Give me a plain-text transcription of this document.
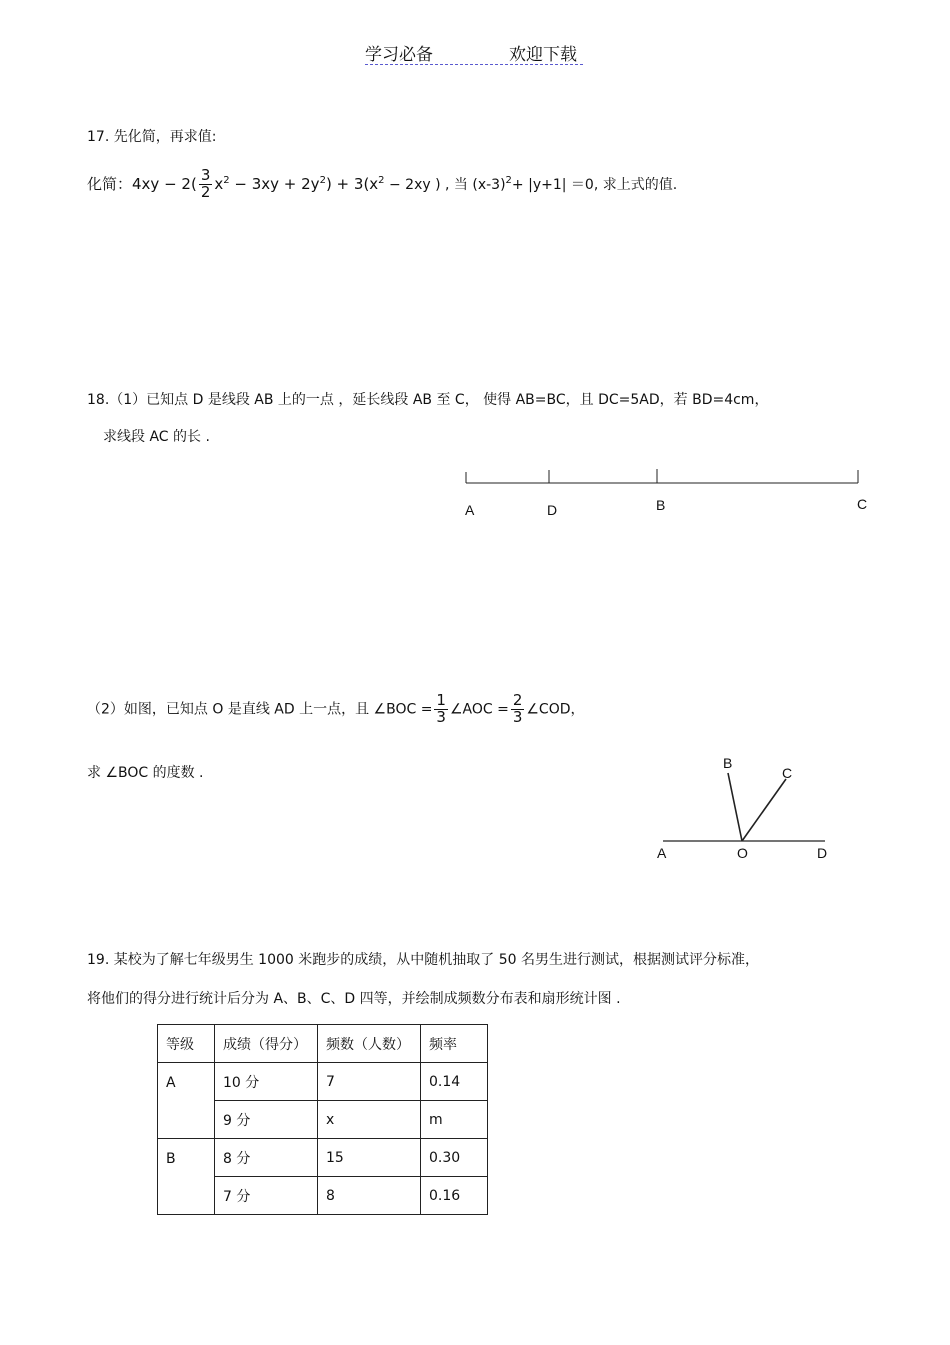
学习必备	欢迎下载
17. 先化简，再求值:
化简：$4xy - 2( \frac{3}{2} x^2 - 3xy + 2y^2) + 3(x^2 - 2xy$ ) , 当 $(x-3)^2+ |y+1| =0$, 求上式的值.
18.（1）已知点 D 是线段 AB 上的一点 ，延长线段 AB 至 C， 使得 AB=BC，且 DC=5AD，若 BD=4cm，
求线段 AC 的长 .
A	D	B	C
（2）如图，已知点 O 是直线 AD 上一点，且 ∠BOC = $\frac{1}{3}$ ∠AOC = $\frac{2}{3}$ ∠COD，
求 ∠BOC 的度数 .
B
C
A	O	D
19. 某校为了解七年级男生 1000 米跑步的成绩，从中随机抽取了 50 名男生进行测试，根据测试评分标准，
将他们的得分进行统计后分为 A、B、C、D 四等，并绘制成频数分布表和扇形统计图 .
等级	成绩（得分）	频数（人数）	频率
A	10 分	7	0.14
	9 分	x	m
B	8 分	15	0.30
	7 分	8	0.16
